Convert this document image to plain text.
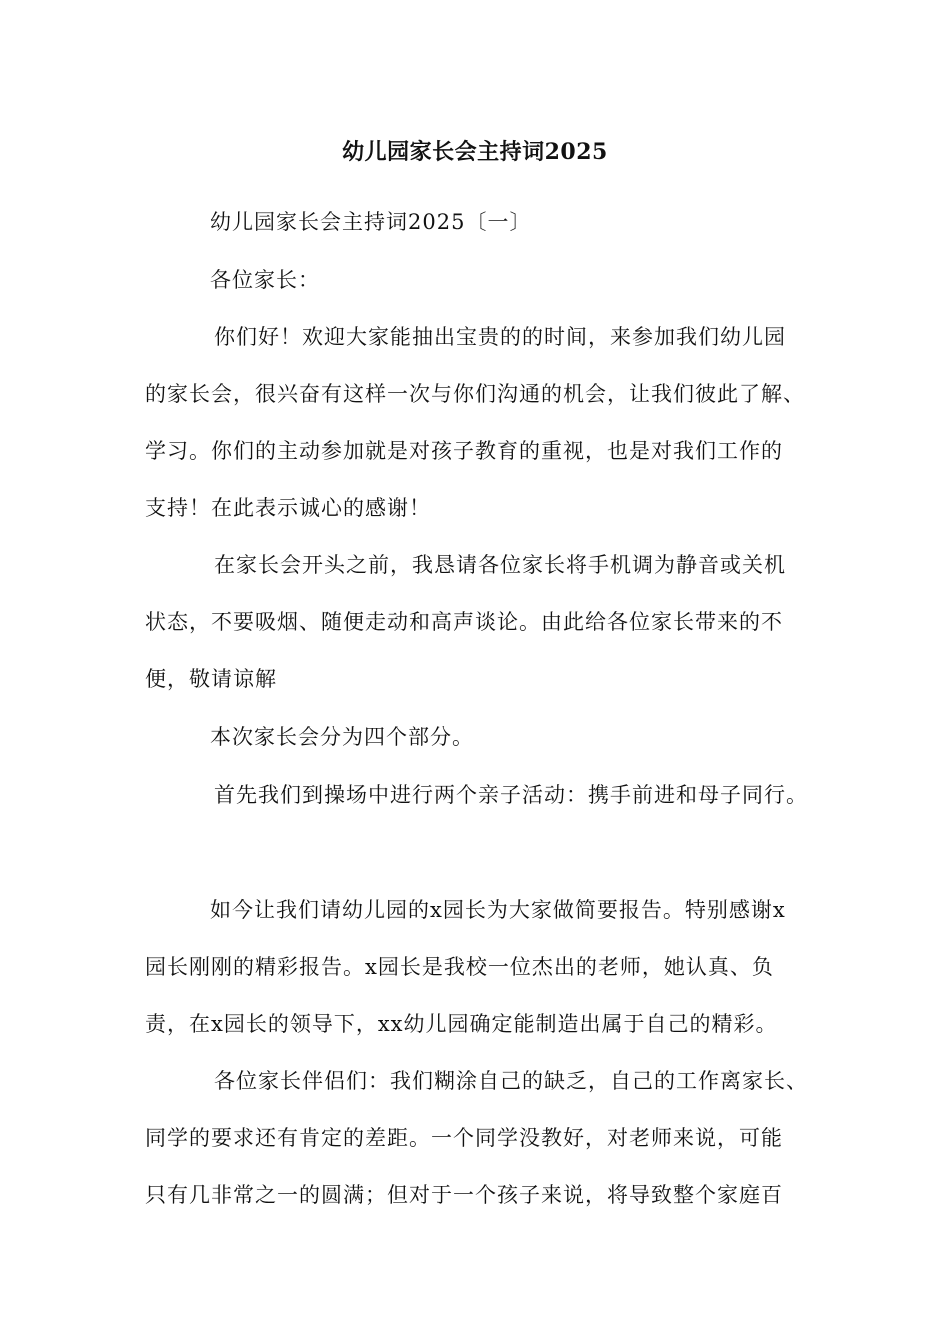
幼儿园家长会主持词2025
幼儿园家长会主持词2025〔一〕
各位家长：
你们好！欢迎大家能抽出宝贵的的时间，来参加我们幼儿园
的家长会，很兴奋有这样一次与你们沟通的机会，让我们彼此了解、
学习。你们的主动参加就是对孩子教育的重视，也是对我们工作的
支持！在此表示诚心的感谢！
在家长会开头之前，我恳请各位家长将手机调为静音或关机
状态，不要吸烟、随便走动和高声谈论。由此给各位家长带来的不
便，敬请谅解
本次家长会分为四个部分。
首先我们到操场中进行两个亲子活动：携手前进和母子同行。
如今让我们请幼儿园的x园长为大家做简要报告。特别感谢x
园长刚刚的精彩报告。x园长是我校一位杰出的老师，她认真、负
责，在x园长的领导下，xx幼儿园确定能制造出属于自己的精彩。
各位家长伴侣们：我们糊涂自己的缺乏，自己的工作离家长、
同学的要求还有肯定的差距。一个同学没教好，对老师来说，可能
只有几非常之一的圆满；但对于一个孩子来说，将导致整个家庭百
